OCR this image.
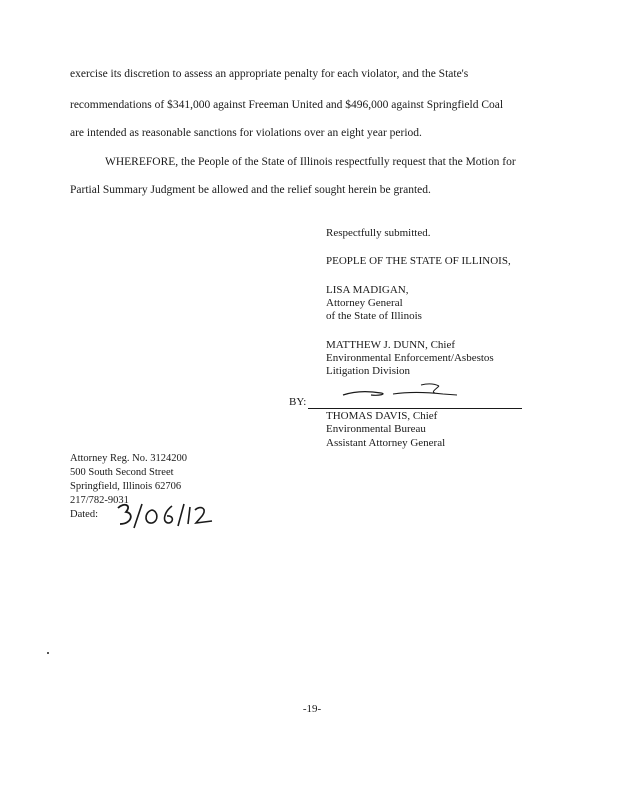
exercise its discretion to assess an appropriate penalty for each violator, and the State's
recommendations of $341,000 against Freeman United and $496,000 against Springfield Coal
are intended as reasonable sanctions for violations over an eight year period.
WHEREFORE, the People of the State of Illinois respectfully request that the Motion for
Partial Summary Judgment be allowed and the relief sought herein be granted.
Respectfully submitted.
PEOPLE OF THE STATE OF ILLINOIS,
LISA MADIGAN,
Attorney General
of the State of Illinois
MATTHEW J. DUNN, Chief
Environmental Enforcement/Asbestos
Litigation Division
BY:
THOMAS DAVIS, Chief
Environmental Bureau
Assistant Attorney General
Attorney Reg. No. 3124200
500 South Second Street
Springfield, Illinois 62706
217/782-9031
Dated:
-19-
